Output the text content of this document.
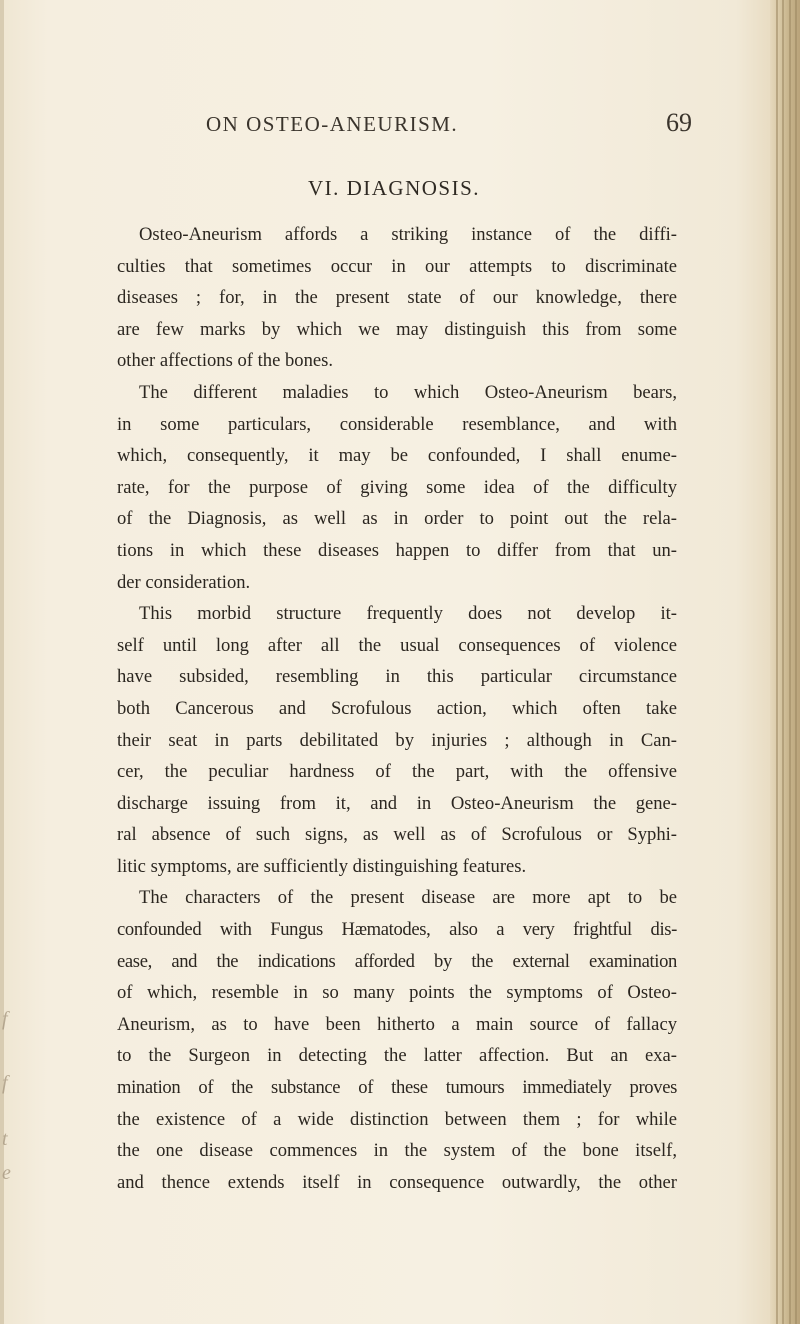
f
f
t
e
ON OSTEO-ANEURISM.	69
VI. DIAGNOSIS.
Osteo-Aneurism affords a striking instance of the diffi-
culties that sometimes occur in our attempts to discriminate
diseases ; for, in the present state of our knowledge, there
are few marks by which we may distinguish this from some
other affections of the bones.
The different maladies to which Osteo-Aneurism bears,
in some particulars, considerable resemblance, and with
which, consequently, it may be confounded, I shall enume-
rate, for the purpose of giving some idea of the difficulty
of the Diagnosis, as well as in order to point out the rela-
tions in which these diseases happen to differ from that un-
der consideration.
This morbid structure frequently does not develop it-
self until long after all the usual consequences of violence
have subsided, resembling in this particular circumstance
both Cancerous and Scrofulous action, which often take
their seat in parts debilitated by injuries ; although in Can-
cer, the peculiar hardness of the part, with the offensive
discharge issuing from it, and in Osteo-Aneurism the gene-
ral absence of such signs, as well as of Scrofulous or Syphi-
litic symptoms, are sufficiently distinguishing features.
The characters of the present disease are more apt to be
confounded with Fungus Hæmatodes, also a very frightful dis-
ease, and the indications afforded by the external examination
of which, resemble in so many points the symptoms of Osteo-
Aneurism, as to have been hitherto a main source of fallacy
to the Surgeon in detecting the latter affection. But an exa-
mination of the substance of these tumours immediately proves
the existence of a wide distinction between them ; for while
the one disease commences in the system of the bone itself,
and thence extends itself in consequence outwardly, the other
